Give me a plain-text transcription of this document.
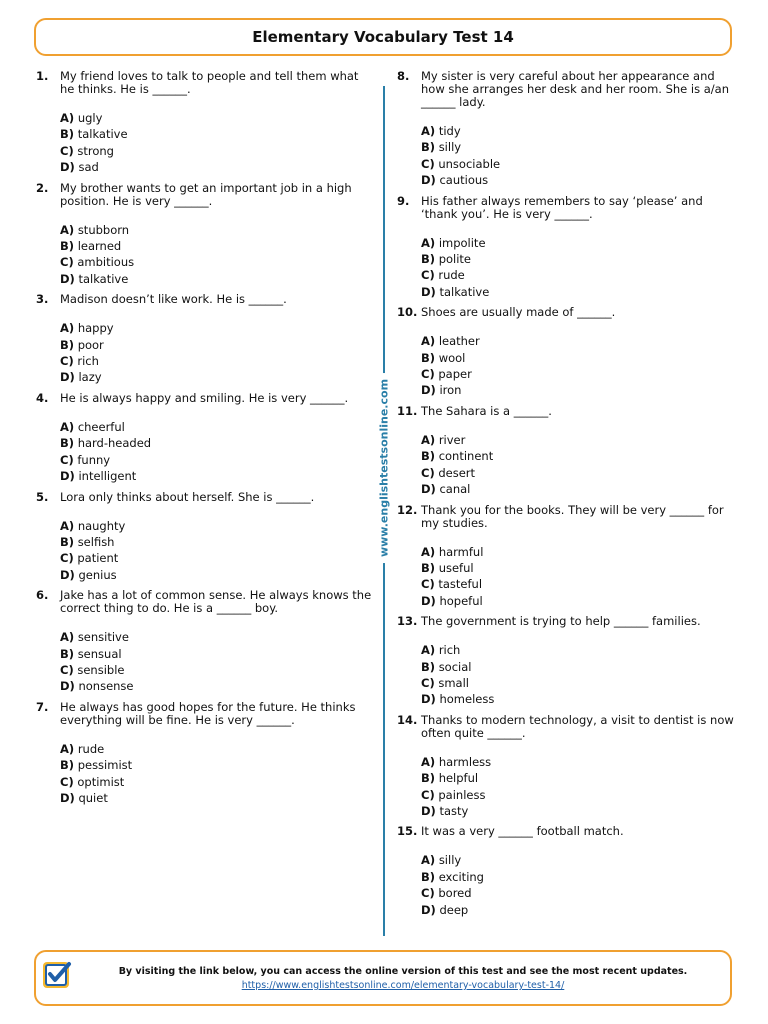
Elementary Vocabulary Test 14
1.	My friend loves to talk to people and tell them what he thinks. He is ______.
A) ugly
B) talkative
C) strong
D) sad
2.	My brother wants to get an important job in a high position. He is very ______.
A) stubborn
B) learned
C) ambitious
D) talkative
3.	Madison doesn’t like work. He is ______.
A) happy
B) poor
C) rich
D) lazy
4.	He is always happy and smiling. He is very ______.
A) cheerful
B) hard-headed
C) funny
D) intelligent
5.	Lora only thinks about herself. She is ______.
A) naughty
B) selfish
C) patient
D) genius
6.	Jake has a lot of common sense. He always knows the correct thing to do. He is a ______ boy.
A) sensitive
B) sensual
C) sensible
D) nonsense
7.	He always has good hopes for the future. He thinks everything will be fine. He is very ______.
A) rude
B) pessimist
C) optimist
D) quiet
www.englishtestsonline.com
8.	My sister is very careful about her appearance and how she arranges her desk and her room. She is a/an ______ lady.
A) tidy
B) silly
C) unsociable
D) cautious
9.	His father always remembers to say ‘please’ and ‘thank you’. He is very ______.
A) impolite
B) polite
C) rude
D) talkative
10. Shoes are usually made of ______.
A) leather
B) wool
C) paper
D) iron
11. The Sahara is a ______.
A) river
B) continent
C) desert
D) canal
12. Thank you for the books. They will be very ______ for my studies.
A) harmful
B) useful
C) tasteful
D) hopeful
13. The government is trying to help ______ families.
A) rich
B) social
C) small
D) homeless
14. Thanks to modern technology, a visit to dentist is now often quite ______.
A) harmless
B) helpful
C) painless
D) tasty
15. It was a very ______ football match.
A) silly
B) exciting
C) bored
D) deep
By visiting the link below, you can access the online version of this test and see the most recent updates.
https://www.englishtestsonline.com/elementary-vocabulary-test-14/
